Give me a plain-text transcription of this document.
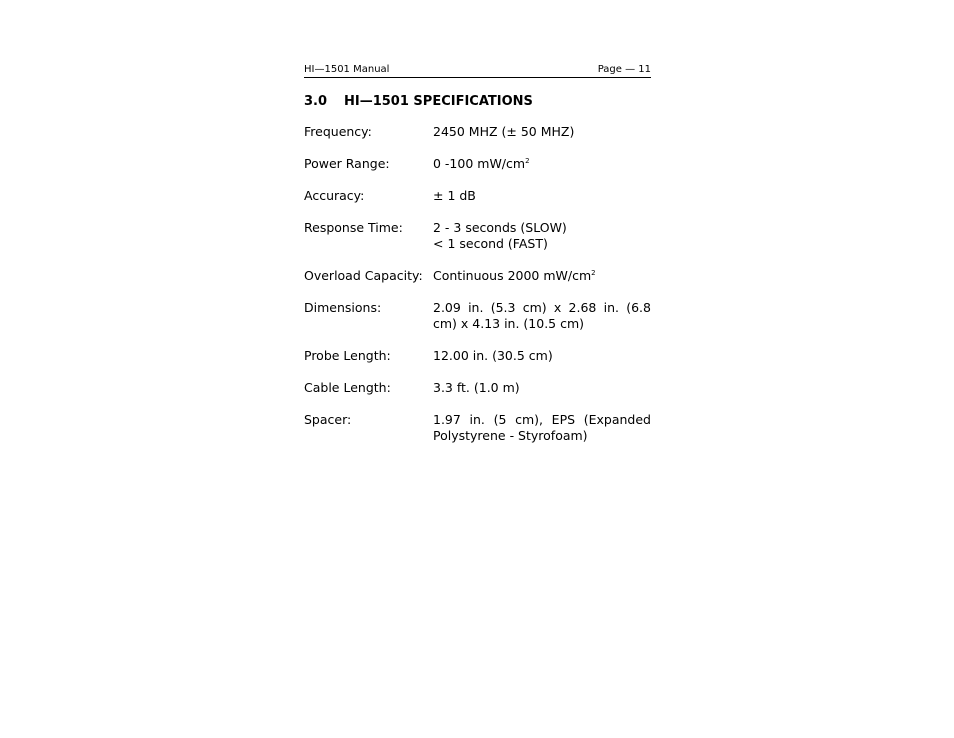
HI—1501 Manual	Page — 11
3.0	HI—1501 SPECIFICATIONS
Frequency:	2450 MHZ (± 50 MHZ)
Power Range:	0 -100 $mW/cm^2$
Accuracy:	± 1 dB
Response Time:	2 - 3 seconds (SLOW)
< 1 second (FAST)
Overload Capacity: Continuous 2000 $mW/cm^2$
Dimensions:	2.09 in. (5.3 cm) x 2.68 in. (6.8 cm) x 4.13 in. (10.5 cm)
Probe Length:	12.00 in. (30.5 cm)
Cable Length:	3.3 ft. (1.0 m)
Spacer:	1.97 in. (5 cm), EPS (Expanded Polystyrene - Styrofoam)
